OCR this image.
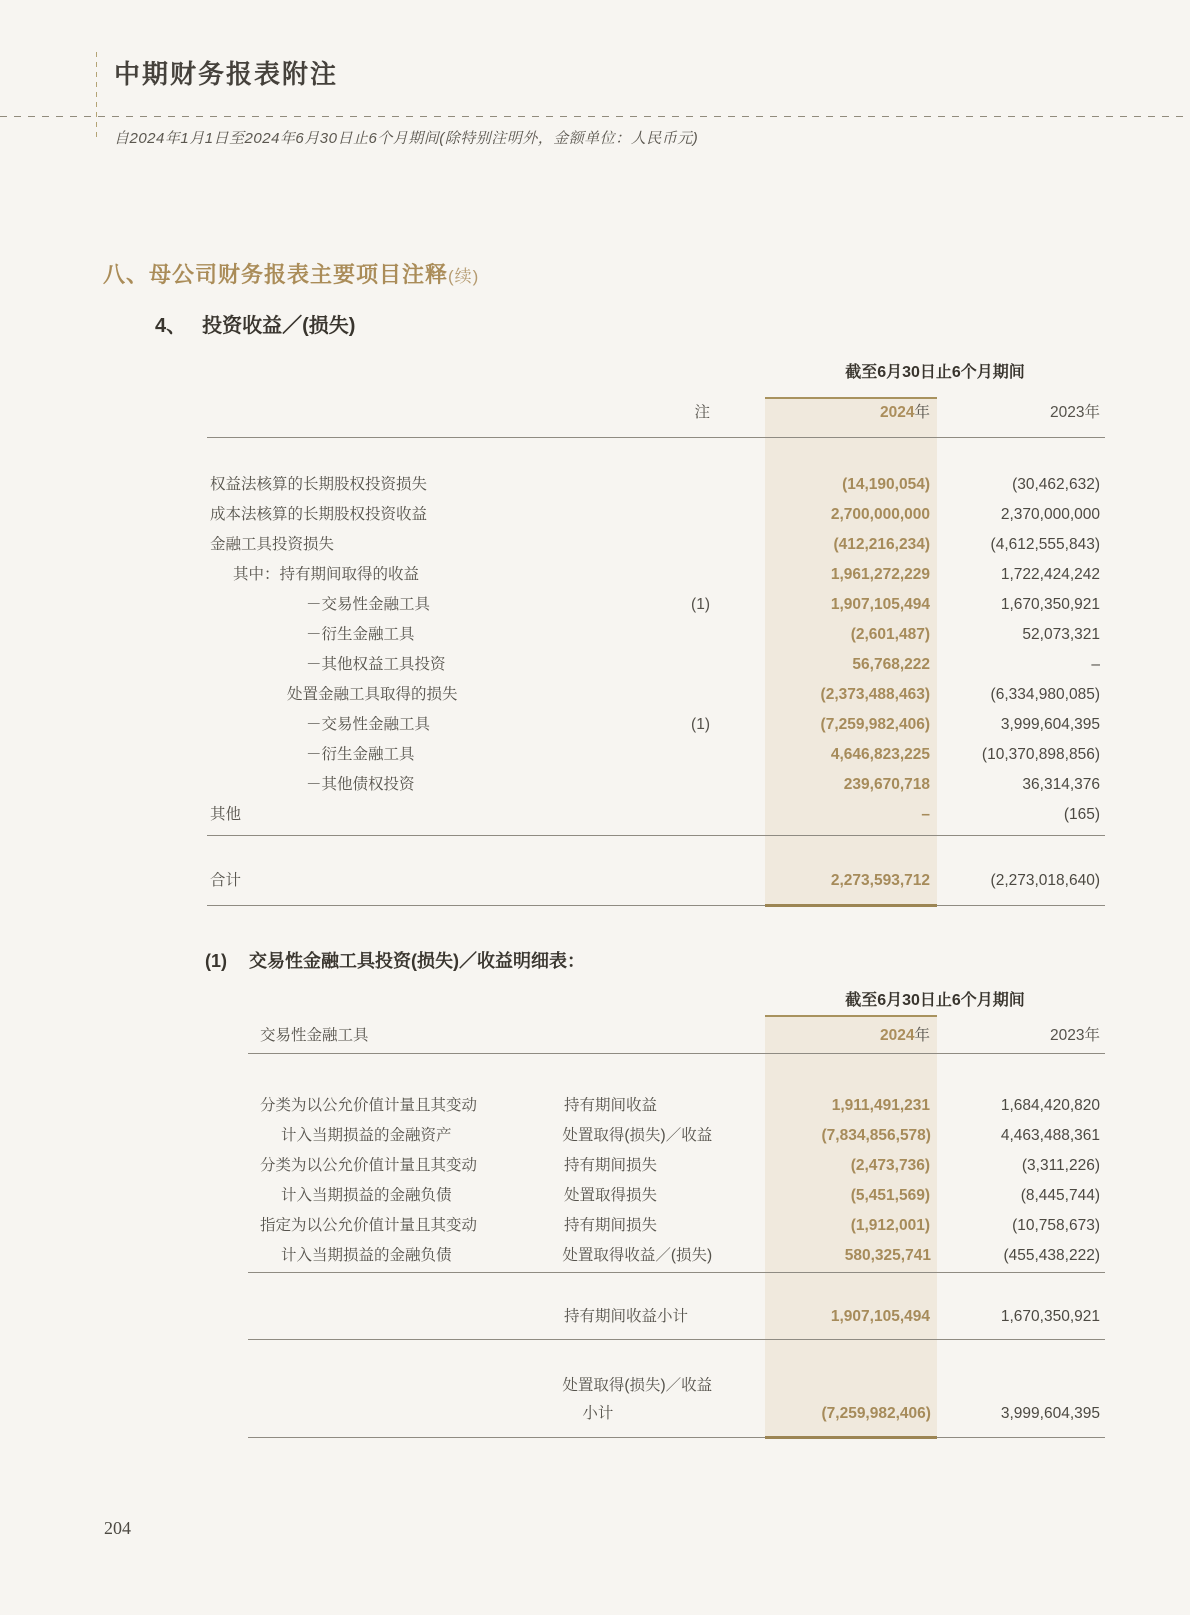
中期财务报表附注
自2024年1月1日至2024年6月30日止6个月期间(除特别注明外，金额单位：人民币元)
八、母公司财务报表主要项目注释(续)
4、 投资收益／(损失)
截至6月30日止6个月期间
注	2024年	2023年
权益法核算的长期股权投资损失	(14,190,054)	(30,462,632)
成本法核算的长期股权投资收益	2,700,000,000	2,370,000,000
金融工具投资损失	(412,216,234)	(4,612,555,843)
其中：持有期间取得的收益	1,961,272,229	1,722,424,242
－交易性金融工具	(1)	1,907,105,494	1,670,350,921
－衍生金融工具	(2,601,487)	52,073,321
－其他权益工具投资	56,768,222	–
处置金融工具取得的损失	(2,373,488,463)	(6,334,980,085)
－交易性金融工具	(1)	(7,259,982,406)	3,999,604,395
－衍生金融工具	4,646,823,225	(10,370,898,856)
－其他债权投资	239,670,718	36,314,376
其他	–	(165)
合计	2,273,593,712	(2,273,018,640)
(1) 交易性金融工具投资(损失)／收益明细表：
截至6月30日止6个月期间
交易性金融工具	2024年	2023年
分类为以公允价值计量且其变动	持有期间收益	1,911,491,231	1,684,420,820
计入当期损益的金融资产	处置取得(损失)／收益	(7,834,856,578)	4,463,488,361
分类为以公允价值计量且其变动	持有期间损失	(2,473,736)	(3,311,226)
计入当期损益的金融负债	处置取得损失	(5,451,569)	(8,445,744)
指定为以公允价值计量且其变动	持有期间损失	(1,912,001)	(10,758,673)
计入当期损益的金融负债	处置取得收益／(损失)	580,325,741	(455,438,222)
持有期间收益小计	1,907,105,494	1,670,350,921
处置取得(损失)／收益
小计	(7,259,982,406)	3,999,604,395
204
